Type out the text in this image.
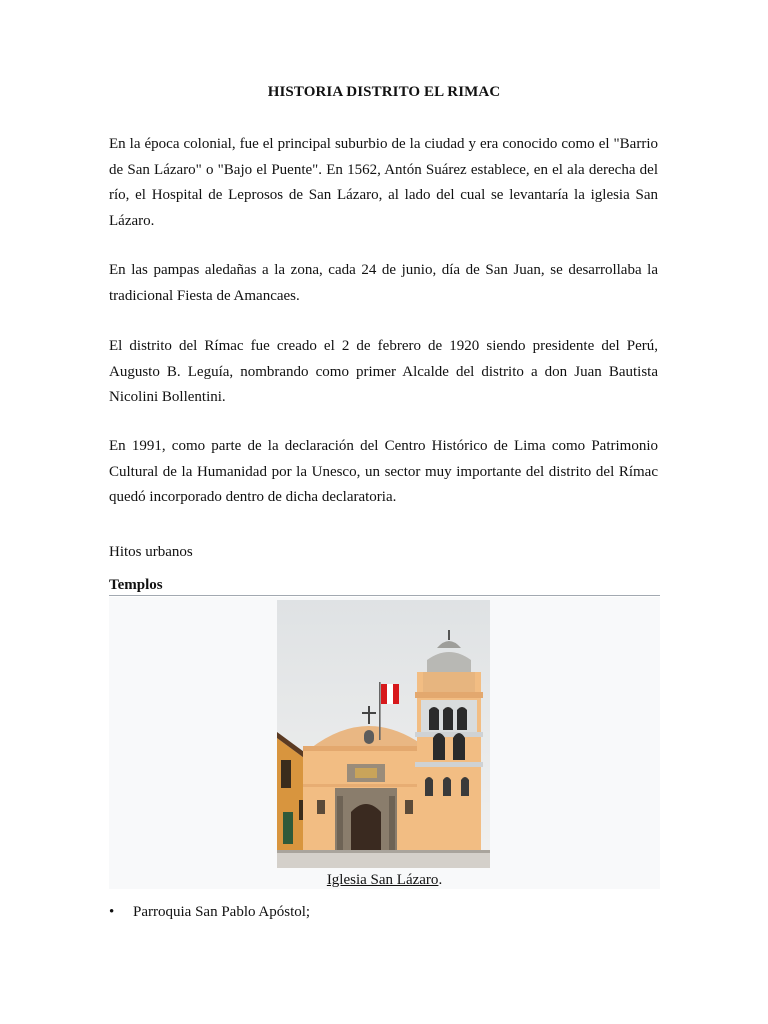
HISTORIA DISTRITO EL RIMAC

En la época colonial, fue el principal suburbio de la ciudad y era conocido como el "Barrio de San Lázaro" o "Bajo el Puente". En 1562, Antón Suárez establece, en el ala derecha del río, el Hospital de Leprosos de San Lázaro, al lado del cual se levantaría la iglesia San Lázaro.

En las pampas aledañas a la zona, cada 24 de junio, día de San Juan, se desarrollaba la tradicional Fiesta de Amancaes.

El distrito del Rímac fue creado el 2 de febrero de 1920 siendo presidente del Perú, Augusto B. Leguía, nombrando como primer Alcalde del distrito a don Juan Bautista Nicolini Bollentini.

En 1991, como parte de la declaración del Centro Histórico de Lima como Patrimonio Cultural de la Humanidad por la Unesco, un sector muy importante del distrito del Rímac quedó incorporado dentro de dicha declaratoria.

Hitos urbanos
Templos
Iglesia San Lázaro.
• Parroquia San Pablo Apóstol;
